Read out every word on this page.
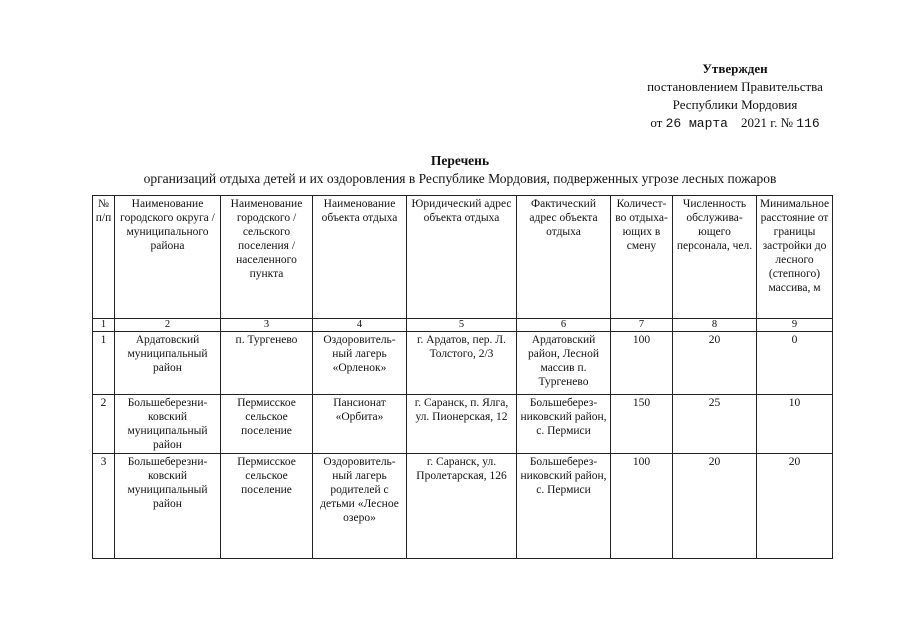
Утвержден
постановлением Правительства
Республики Мордовия
от 26 марта 2021 г. № 116
Перечень
организаций отдыха детей и их оздоровления в Республике Мордовия, подверженных угрозе лесных пожаров
№ п/п	Наименование городского округа / муниципального района	Наименование городского / сельского поселения / населенного пункта	Наименование объекта отдыха	Юридический адрес объекта отдыха	Фактический адрес объекта отдыха	Количест-во отдыха-ющих в смену	Численность обслужива-ющего персонала, чел.	Минимальное расстояние от границы застройки до лесного (степного) массива, м
1	2	3	4	5	6	7	8	9
1	Ардатовский муниципальный район	п. Тургенево	Оздоровитель-ный лагерь «Орленок»	г. Ардатов, пер. Л. Толстого, 2/3	Ардатовский район, Лесной массив п. Тургенево	100	20	0
2	Большеберезни-ковский муниципальный район	Пермисское сельское поселение	Пансионат «Орбита»	г. Саранск, п. Ялга, ул. Пионерская, 12	Большеберез-никовский район, с. Пермиси	150	25	10
3	Большеберезни-ковский муниципальный район	Пермисское сельское поселение	Оздоровитель-ный лагерь родителей с детьми «Лесное озеро»	г. Саранск, ул. Пролетарская, 126	Большеберез-никовский район, с. Пермиси	100	20	20
